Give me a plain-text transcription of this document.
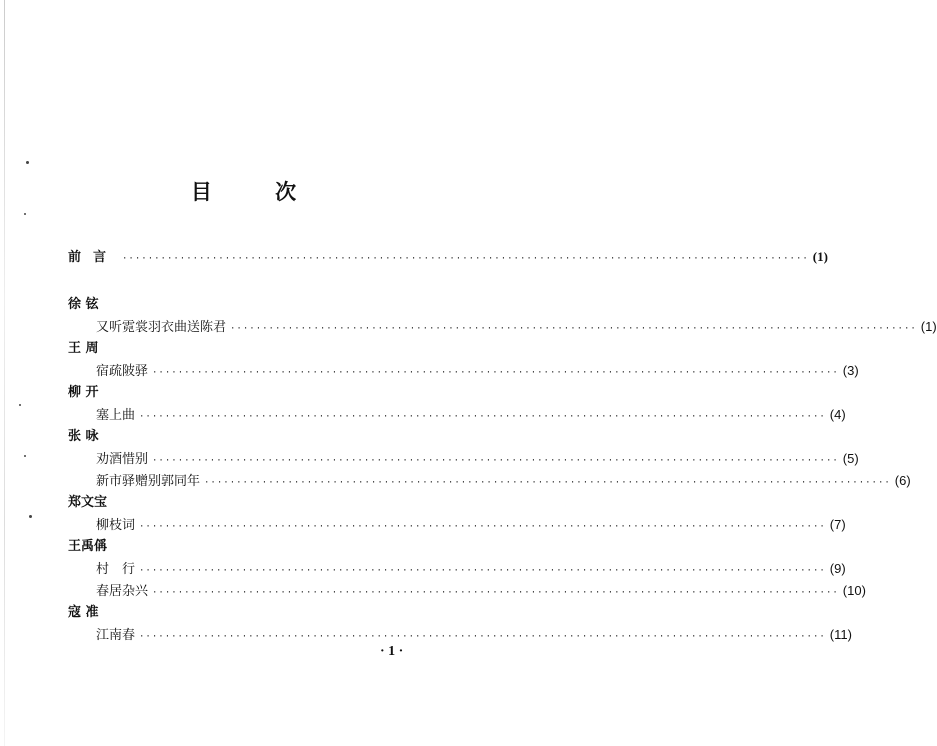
目 次
前言 ··········································································································· (1)
徐 铉
又听霓裳羽衣曲送陈君 ··········································································································· (1)
王 周
宿疏陂驿 ··········································································································· (3)
柳 开
塞上曲 ··········································································································· (4)
张 咏
劝酒惜别 ··········································································································· (5)
新市驿赠别郭同年 ··········································································································· (6)
郑文宝
柳枝词 ··········································································································· (7)
王禹偁
村　行 ··········································································································· (9)
春居杂兴 ··········································································································· (10)
寇 准
江南春 ··········································································································· (11)
· 1 ·
